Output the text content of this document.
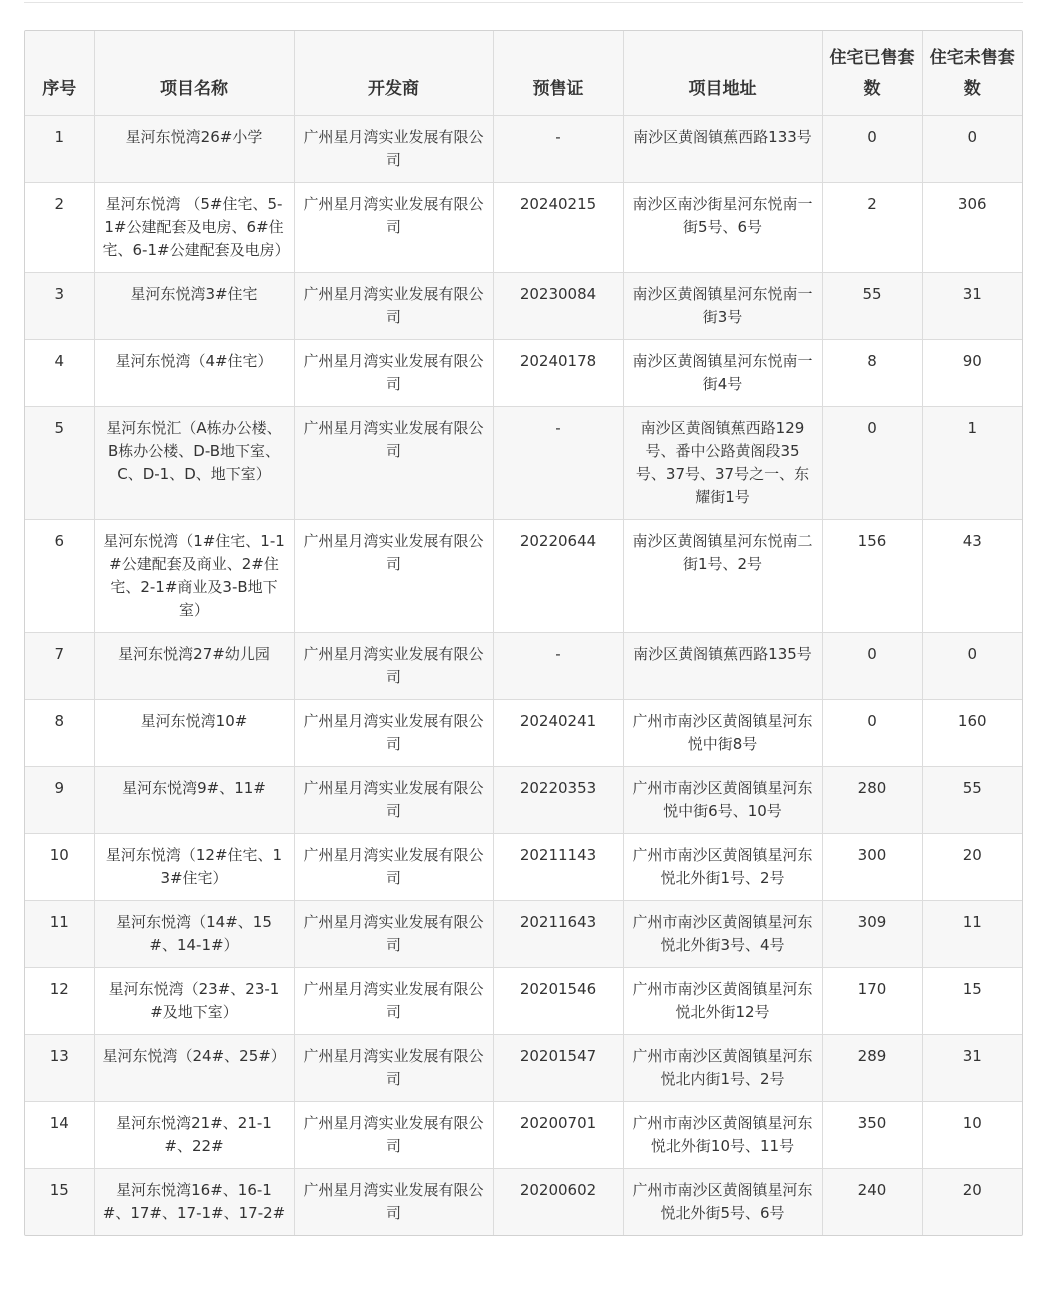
序号	项目名称	开发商	预售证	项目地址	住宅已售套数	住宅未售套数
1	星河东悦湾26#小学	广州星月湾实业发展有限公司	-	南沙区黄阁镇蕉西路133号	0	0
2	星河东悦湾 （5#住宅、5-1#公建配套及电房、6#住宅、6-1#公建配套及电房）	广州星月湾实业发展有限公司	20240215	南沙区南沙街星河东悦南一街5号、6号	2	306
3	星河东悦湾3#住宅	广州星月湾实业发展有限公司	20230084	南沙区黄阁镇星河东悦南一街3号	55	31
4	星河东悦湾（4#住宅）	广州星月湾实业发展有限公司	20240178	南沙区黄阁镇星河东悦南一街4号	8	90
5	星河东悦汇（A栋办公楼、B栋办公楼、D-B地下室、C、D-1、D、地下室）	广州星月湾实业发展有限公司	-	南沙区黄阁镇蕉西路129号、番中公路黄阁段35号、37号、37号之一、东耀街1号	0	1
6	星河东悦湾（1#住宅、1-1#公建配套及商业、2#住宅、2-1#商业及3-B地下室）	广州星月湾实业发展有限公司	20220644	南沙区黄阁镇星河东悦南二街1号、2号	156	43
7	星河东悦湾27#幼儿园	广州星月湾实业发展有限公司	-	南沙区黄阁镇蕉西路135号	0	0
8	星河东悦湾10#	广州星月湾实业发展有限公司	20240241	广州市南沙区黄阁镇星河东悦中街8号	0	160
9	星河东悦湾9#、11#	广州星月湾实业发展有限公司	20220353	广州市南沙区黄阁镇星河东悦中街6号、10号	280	55
10	星河东悦湾（12#住宅、13#住宅）	广州星月湾实业发展有限公司	20211143	广州市南沙区黄阁镇星河东悦北外街1号、2号	300	20
11	星河东悦湾（14#、15#、14-1#）	广州星月湾实业发展有限公司	20211643	广州市南沙区黄阁镇星河东悦北外街3号、4号	309	11
12	星河东悦湾（23#、23-1#及地下室）	广州星月湾实业发展有限公司	20201546	广州市南沙区黄阁镇星河东悦北外街12号	170	15
13	星河东悦湾（24#、25#）	广州星月湾实业发展有限公司	20201547	广州市南沙区黄阁镇星河东悦北内街1号、2号	289	31
14	星河东悦湾21#、21-1#、22#	广州星月湾实业发展有限公司	20200701	广州市南沙区黄阁镇星河东悦北外街10号、11号	350	10
15	星河东悦湾16#、16-1#、17#、17-1#、17-2#	广州星月湾实业发展有限公司	20200602	广州市南沙区黄阁镇星河东悦北外街5号、6号	240	20
